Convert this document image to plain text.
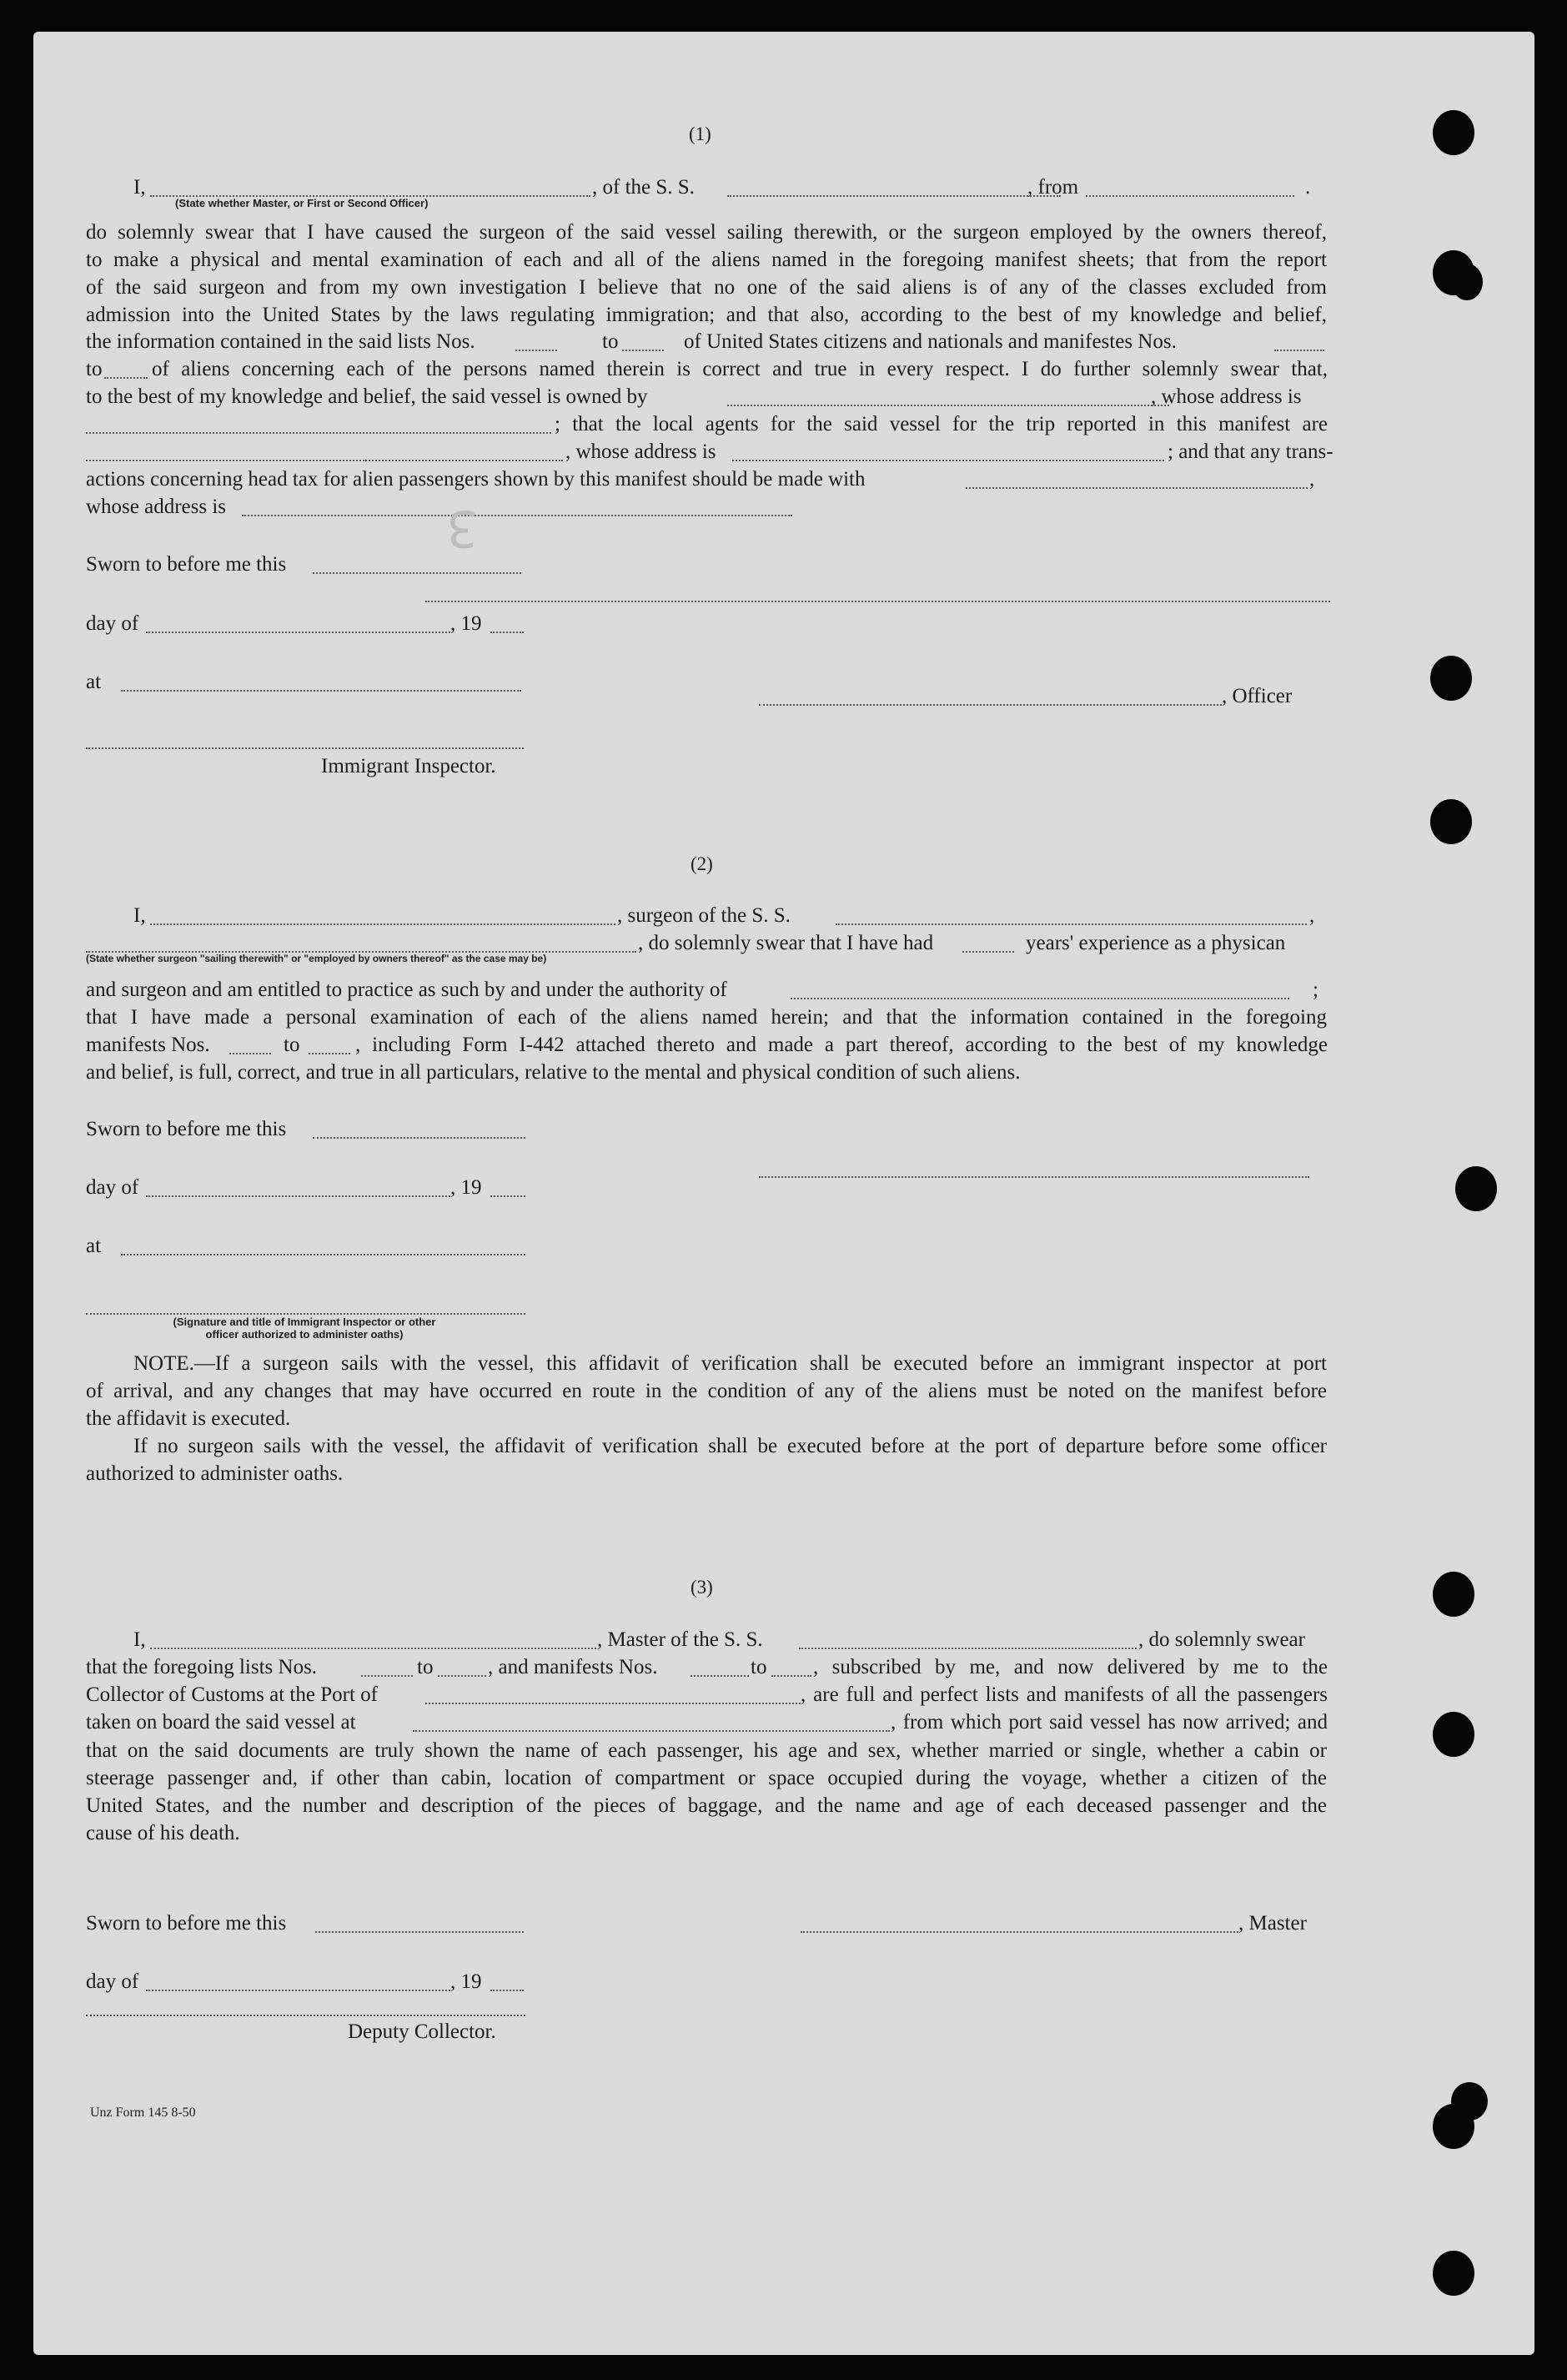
(1)
I,	, of the S. S.	, from	.
(State whether Master, or First or Second Officer)
do solemnly swear that I have caused the surgeon of the said vessel sailing therewith, or the surgeon employed by the owners thereof,
to make a physical and mental examination of each and all of the aliens named in the foregoing manifest sheets; that from the report
of the said surgeon and from my own investigation I believe that no one of the said aliens is of any of the classes excluded from
admission into the United States by the laws regulating immigration; and that also, according to the best of my knowledge and belief,
the information contained in the said lists Nos.	to	of United States citizens and nationals and manifestes Nos.
to of aliens concerning each of the persons named therein is correct and true in every respect. I do further solemnly swear that,
to the best of my knowledge and belief, the said vessel is owned by	, whose address is
; that the local agents for the said vessel for the trip reported in this manifest are
, whose address is	; and that any trans-
actions concerning head tax for alien passengers shown by this manifest should be made with	,
whose address is	3
Sworn to before me this
day of	, 19
at
, Officer
Immigrant Inspector.
(2)
I,	, surgeon of the S. S.	,
, do solemnly swear that I have had	years' experience as a physican
(State whether surgeon "sailing therewith" or "employed by owners thereof" as the case may be)
and surgeon and am entitled to practice as such by and under the authority of	;
that I have made a personal examination of each of the aliens named herein; and that the information contained in the foregoing
manifests Nos.	to	, including Form I-442 attached thereto and made a part thereof, according to the best of my knowledge
and belief, is full, correct, and true in all particulars, relative to the mental and physical condition of such aliens.
Sworn to before me this
day of	, 19
at
(Signature and title of Immigrant Inspector or other
officer authorized to administer oaths)
NOTE.—If a surgeon sails with the vessel, this affidavit of verification shall be executed before an immigrant inspector at port
of arrival, and any changes that may have occurred en route in the condition of any of the aliens must be noted on the manifest before
the affidavit is executed.
If no surgeon sails with the vessel, the affidavit of verification shall be executed before at the port of departure before some officer
authorized to administer oaths.
(3)
I,	, Master of the S. S.	, do solemnly swear
that the foregoing lists Nos.	to	, and manifests Nos.	to , subscribed by me, and now delivered by me to the
Collector of Customs at the Port of	, are full and perfect lists and manifests of all the passengers
taken on board the said vessel at	, from which port said vessel has now arrived; and
that on the said documents are truly shown the name of each passenger, his age and sex, whether married or single, whether a cabin or
steerage passenger and, if other than cabin, location of compartment or space occupied during the voyage, whether a citizen of the
United States, and the number and description of the pieces of baggage, and the name and age of each deceased passenger and the
cause of his death.
Sworn to before me this	, Master
day of	, 19
Deputy Collector.
Unz Form 145 8-50
